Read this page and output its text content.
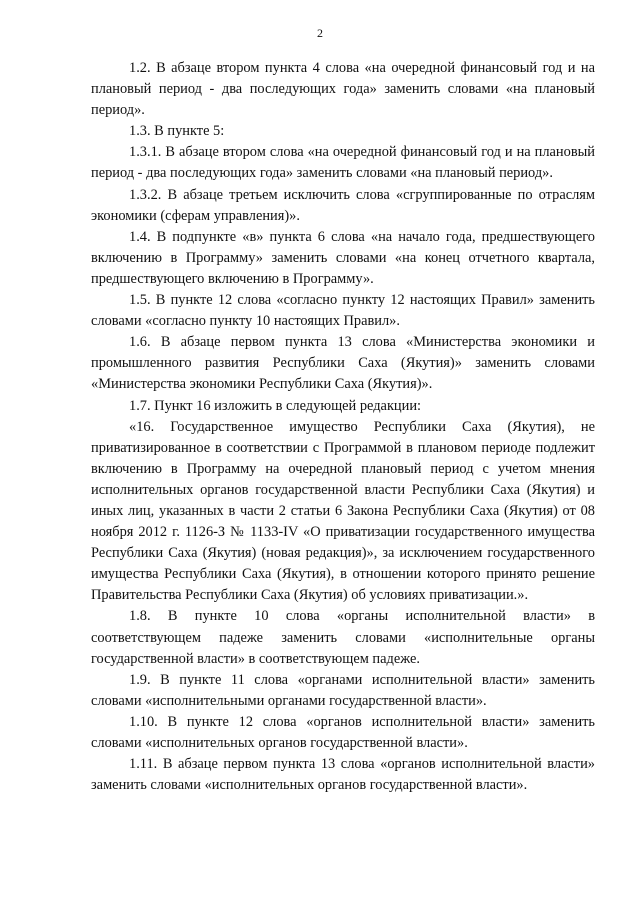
2

1.2. В абзаце втором пункта 4 слова «на очередной финансовый год и на плановый период - два последующих года» заменить словами «на плановый период».

1.3. В пункте 5:

1.3.1. В абзаце втором слова «на очередной финансовый год и на плановый период - два последующих года» заменить словами «на плановый период».

1.3.2. В абзаце третьем исключить слова «сгруппированные по отраслям экономики (сферам управления)».

1.4. В подпункте «в» пункта 6 слова «на начало года, предшествующего включению в Программу» заменить словами «на конец отчетного квартала, предшествующего включению в Программу».

1.5. В пункте 12 слова «согласно пункту 12 настоящих Правил» заменить словами «согласно пункту 10 настоящих Правил».

1.6. В абзаце первом пункта 13 слова «Министерства экономики и промышленного развития Республики Саха (Якутия)» заменить словами «Министерства экономики Республики Саха (Якутия)».

1.7. Пункт 16 изложить в следующей редакции:

«16. Государственное имущество Республики Саха (Якутия), не приватизированное в соответствии с Программой в плановом периоде подлежит включению в Программу на очередной плановый период с учетом мнения исполнительных органов государственной власти Республики Саха (Якутия) и иных лиц, указанных в части 2 статьи 6 Закона Республики Саха (Якутия) от 08 ноября 2012 г. 1126-З № 1133-IV «О приватизации государственного имущества Республики Саха (Якутия) (новая редакция)», за исключением государственного имущества Республики Саха (Якутия), в отношении которого принято решение Правительства Республики Саха (Якутия) об условиях приватизации.».

1.8. В пункте 10 слова «органы исполнительной власти» в соответствующем падеже заменить словами «исполнительные органы государственной власти» в соответствующем падеже.

1.9. В пункте 11 слова «органами исполнительной власти» заменить словами «исполнительными органами государственной власти».

1.10. В пункте 12 слова «органов исполнительной власти» заменить словами «исполнительных органов государственной власти».

1.11. В абзаце первом пункта 13 слова «органов исполнительной власти» заменить словами «исполнительных органов государственной власти».
